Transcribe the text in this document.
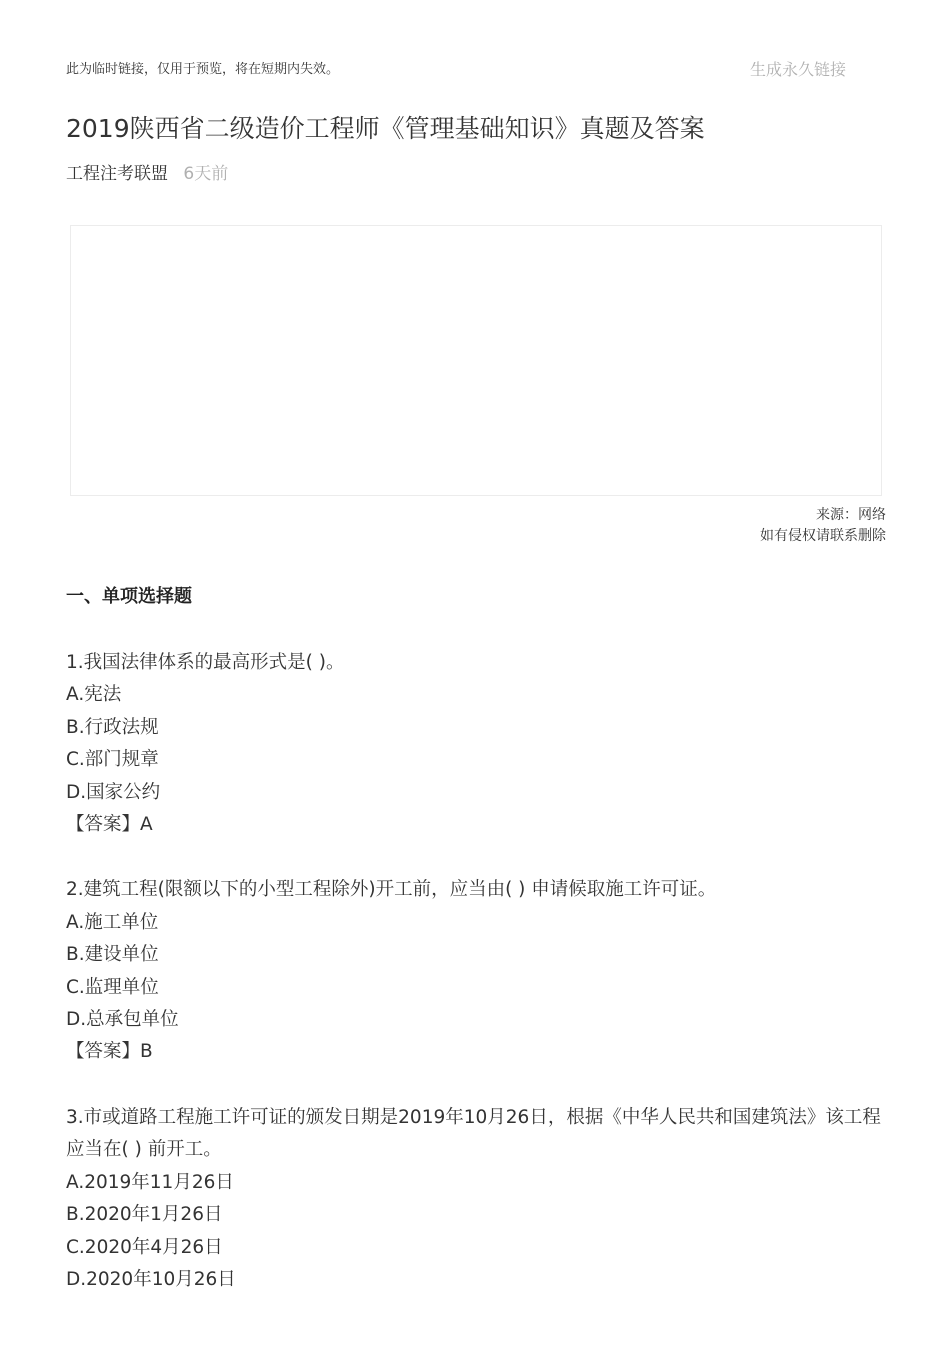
此为临时链接，仅用于预览，将在短期内失效。	生成永久链接
2019陕西省二级造价工程师《管理基础知识》真题及答案
工程注考联盟 6天前
来源：网络
如有侵权请联系删除
一、单项选择题
1.我国法律体系的最高形式是( )。
A.宪法
B.行政法规
C.部门规章
D.国家公约
【答案】A
2.建筑工程(限额以下的小型工程除外)开工前，应当由( ) 申请候取施工许可证。
A.施工单位
B.建设单位
C.监理单位
D.总承包单位
【答案】B
3.市或道路工程施工许可证的颁发日期是2019年10月26日，根据《中华人民共和国建筑法》该工程应当在( ) 前开工。
A.2019年11月26日
B.2020年1月26日
C.2020年4月26日
D.2020年10月26日
